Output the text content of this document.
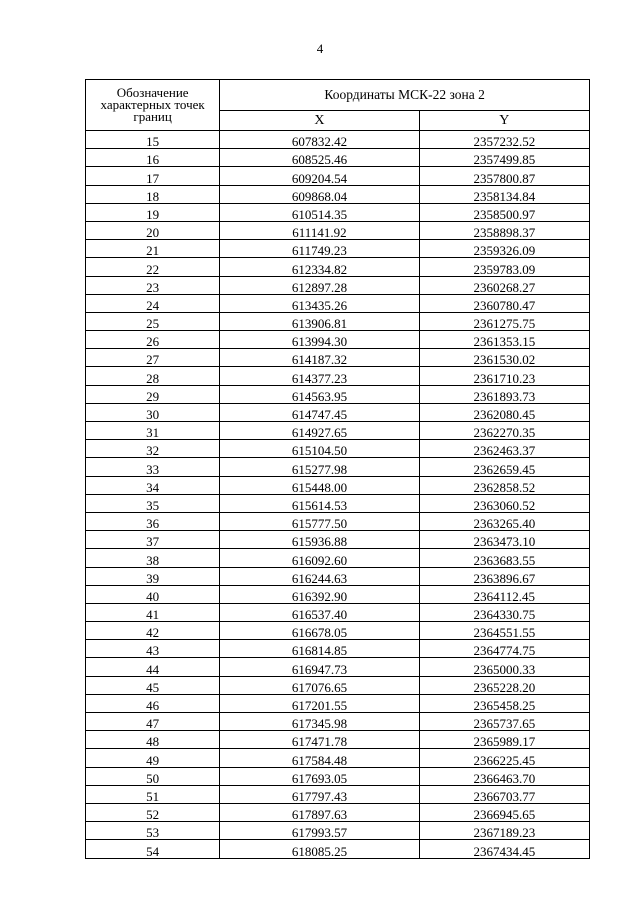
4
Обозначение характерных точек границ	Координаты МСК-22 зона 2	
	X	Y
15	607832.42	2357232.52
16	608525.46	2357499.85
17	609204.54	2357800.87
18	609868.04	2358134.84
19	610514.35	2358500.97
20	611141.92	2358898.37
21	611749.23	2359326.09
22	612334.82	2359783.09
23	612897.28	2360268.27
24	613435.26	2360780.47
25	613906.81	2361275.75
26	613994.30	2361353.15
27	614187.32	2361530.02
28	614377.23	2361710.23
29	614563.95	2361893.73
30	614747.45	2362080.45
31	614927.65	2362270.35
32	615104.50	2362463.37
33	615277.98	2362659.45
34	615448.00	2362858.52
35	615614.53	2363060.52
36	615777.50	2363265.40
37	615936.88	2363473.10
38	616092.60	2363683.55
39	616244.63	2363896.67
40	616392.90	2364112.45
41	616537.40	2364330.75
42	616678.05	2364551.55
43	616814.85	2364774.75
44	616947.73	2365000.33
45	617076.65	2365228.20
46	617201.55	2365458.25
47	617345.98	2365737.65
48	617471.78	2365989.17
49	617584.48	2366225.45
50	617693.05	2366463.70
51	617797.43	2366703.77
52	617897.63	2366945.65
53	617993.57	2367189.23
54	618085.25	2367434.45
